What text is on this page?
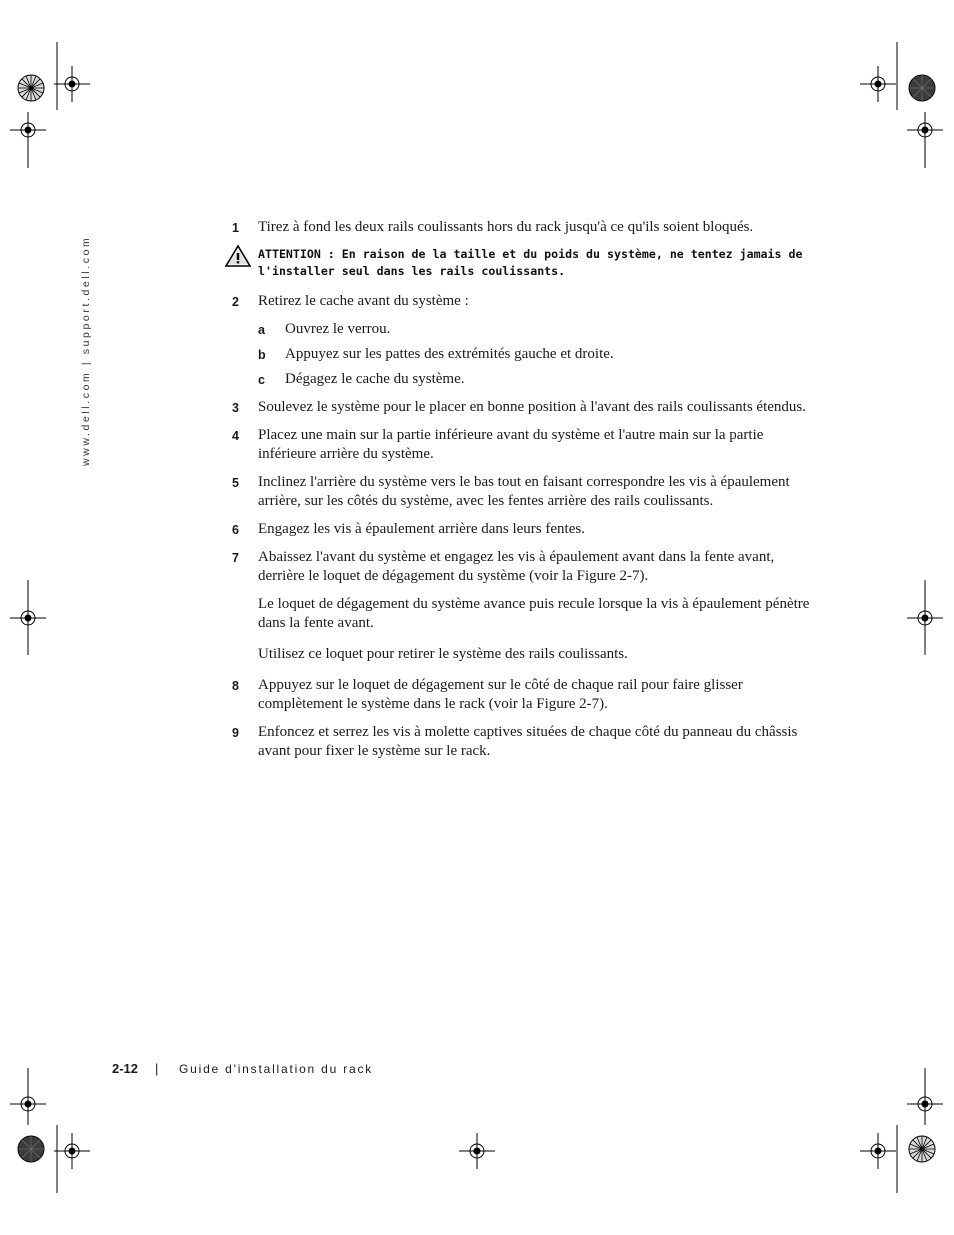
www.dell.com | support.dell.com
1 Tirez à fond les deux rails coulissants hors du rack jusqu'à ce qu'ils soient bloqués.
ATTENTION : En raison de la taille et du poids du système, ne tentez jamais de l'installer seul dans les rails coulissants.
2 Retirez le cache avant du système :
a Ouvrez le verrou.
b Appuyez sur les pattes des extrémités gauche et droite.
c Dégagez le cache du système.
3 Soulevez le système pour le placer en bonne position à l'avant des rails coulissants étendus.
4 Placez une main sur la partie inférieure avant du système et l'autre main sur la partie inférieure arrière du système.
5 Inclinez l'arrière du système vers le bas tout en faisant correspondre les vis à épaulement arrière, sur les côtés du système, avec les fentes arrière des rails coulissants.
6 Engagez les vis à épaulement arrière dans leurs fentes.
7 Abaissez l'avant du système et engagez les vis à épaulement avant dans la fente avant, derrière le loquet de dégagement du système (voir la Figure 2-7).
Le loquet de dégagement du système avance puis recule lorsque la vis à épaulement pénètre dans la fente avant.
Utilisez ce loquet pour retirer le système des rails coulissants.
8 Appuyez sur le loquet de dégagement sur le côté de chaque rail pour faire glisser complètement le système dans le rack (voir la Figure 2-7).
9 Enfoncez et serrez les vis à molette captives situées de chaque côté du panneau du châssis avant pour fixer le système sur le rack.
2-12 | Guide d'installation du rack
